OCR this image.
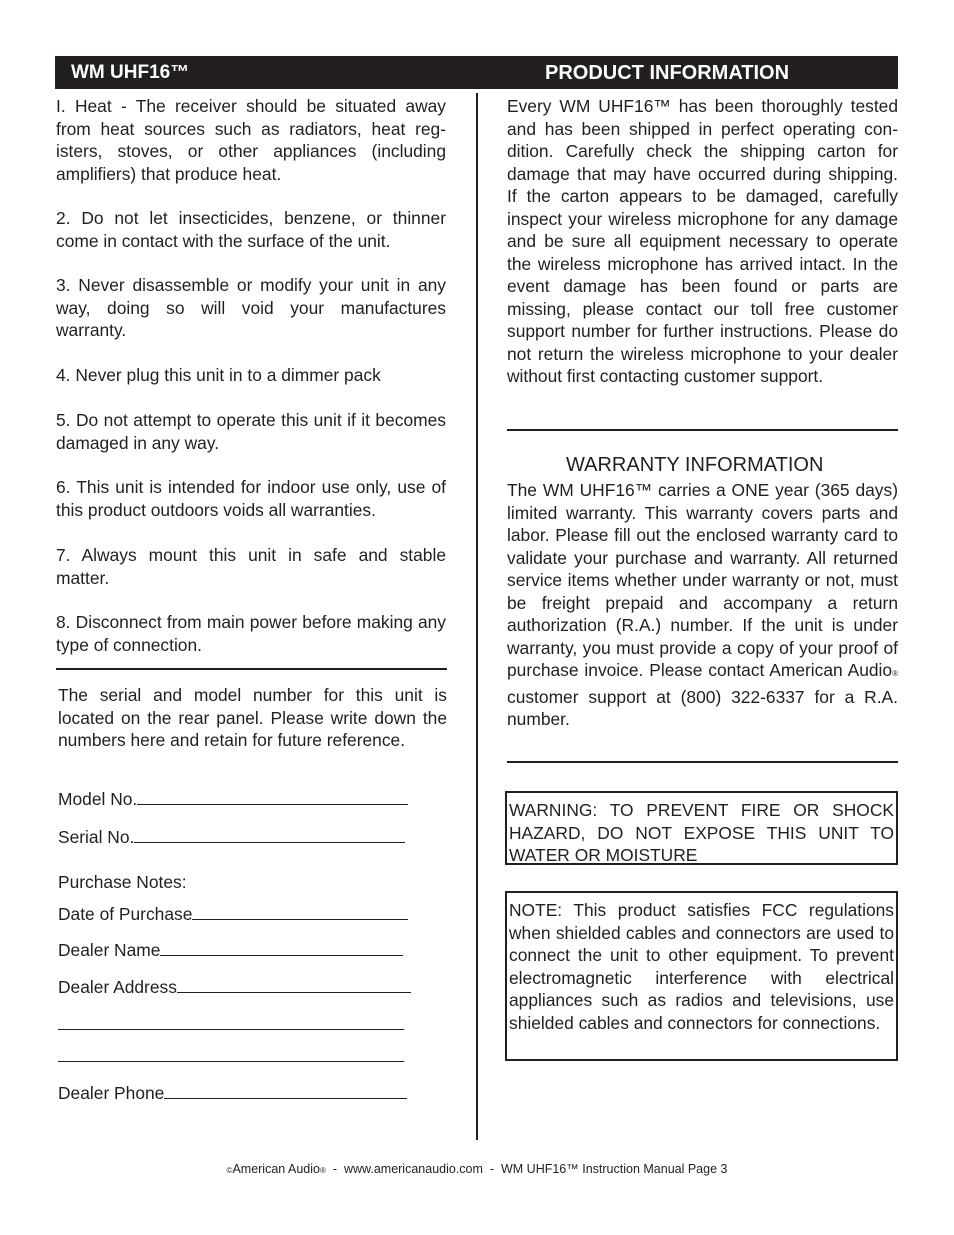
WM UHF16™	PRODUCT INFORMATION

I. Heat - The receiver should be situated away from heat sources such as radiators, heat registers, stoves, or other appliances (including amplifiers) that produce heat.

2. Do not let insecticides, benzene, or thinner come in contact with the surface of the unit.

3. Never disassemble or modify your unit in any way, doing so will void your manufactures warranty.

4. Never plug this unit in to a dimmer pack

5. Do not attempt to operate this unit if it becomes damaged in any way.

6. This unit is intended for indoor use only, use of this product outdoors voids all warranties.

7. Always mount this unit in safe and stable matter.

8. Disconnect from main power before making any type of connection.

The serial and model number for this unit is located on the rear panel. Please write down the numbers here and retain for future reference.

Model No.
Serial No.
Purchase Notes:
Date of Purchase
Dealer Name
Dealer Address
Dealer Phone

Every WM UHF16™ has been thoroughly tested and has been shipped in perfect operating condition. Carefully check the shipping carton for damage that may have occurred during shipping. If the carton appears to be damaged, carefully inspect your wireless microphone for any damage and be sure all equipment necessary to operate the wireless microphone has arrived intact. In the event damage has been found or parts are missing, please contact our toll free customer support number for further instructions. Please do not return the wireless microphone to your dealer without first contacting customer support.

WARRANTY INFORMATION

The WM UHF16™ carries a ONE year (365 days) limited warranty. This warranty covers parts and labor. Please fill out the enclosed warranty card to validate your purchase and warranty. All returned service items whether under warranty or not, must be freight prepaid and accompany a return authorization (R.A.) number. If the unit is under warranty, you must provide a copy of your proof of purchase invoice. Please contact American Audio® customer support at (800) 322-6337 for a R.A. number.

WARNING: TO PREVENT FIRE OR SHOCK HAZARD, DO NOT EXPOSE THIS UNIT TO WATER OR MOISTURE
NOTE: This product satisfies FCC regulations when shielded cables and connectors are used to connect the unit to other equipment. To prevent electromagnetic interference with electrical appliances such as radios and televisions, use shielded cables and connectors for connections.
©American Audio®  -  www.americanaudio.com  -  WM UHF16™ Instruction Manual Page 3
